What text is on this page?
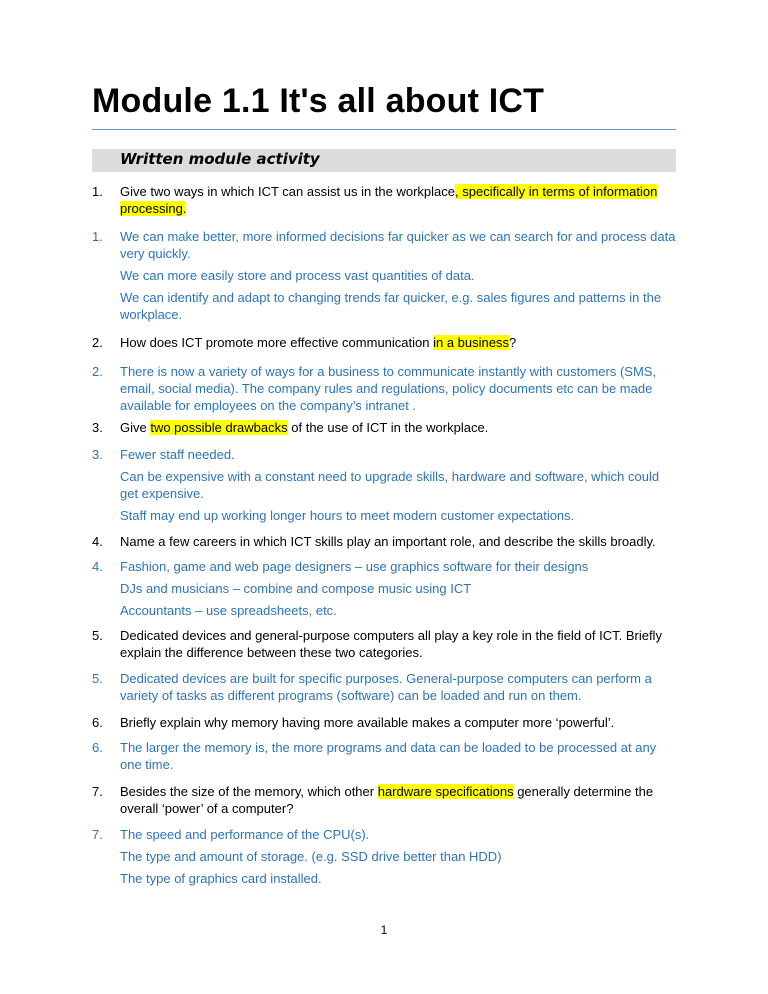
Module 1.1 It's all about ICT
Written module activity
1.	Give two ways in which ICT can assist us in the workplace, specifically in terms of information
processing.
1.	We can make better, more informed decisions far quicker as we can search for and process data
very quickly.
We can more easily store and process vast quantities of data.
We can identify and adapt to changing trends far quicker, e.g. sales figures and patterns in the
workplace.
2.	How does ICT promote more effective communication in a business?
2.	There is now a variety of ways for a business to communicate instantly with customers (SMS,
email, social media). The company rules and regulations, policy documents etc can be made
available for employees on the company’s intranet .
3.	Give two possible drawbacks of the use of ICT in the workplace.
3.	Fewer staff needed.
Can be expensive with a constant need to upgrade skills, hardware and software, which could
get expensive.
Staff may end up working longer hours to meet modern customer expectations.
4.	Name a few careers in which ICT skills play an important role, and describe the skills broadly.
4.	Fashion, game and web page designers – use graphics software for their designs
DJs and musicians – combine and compose music using ICT
Accountants – use spreadsheets, etc.
5.	Dedicated devices and general-purpose computers all play a key role in the field of ICT. Briefly
explain the difference between these two categories.
5.	Dedicated devices are built for specific purposes. General-purpose computers can perform a
variety of tasks as different programs (software) can be loaded and run on them.
6.	Briefly explain why memory having more available makes a computer more ‘powerful’.
6.	The larger the memory is, the more programs and data can be loaded to be processed at any
one time.
7.	Besides the size of the memory, which other hardware specifications generally determine the
overall ‘power’ of a computer?
7.	The speed and performance of the CPU(s).
The type and amount of storage. (e.g. SSD drive better than HDD)
The type of graphics card installed.
1
